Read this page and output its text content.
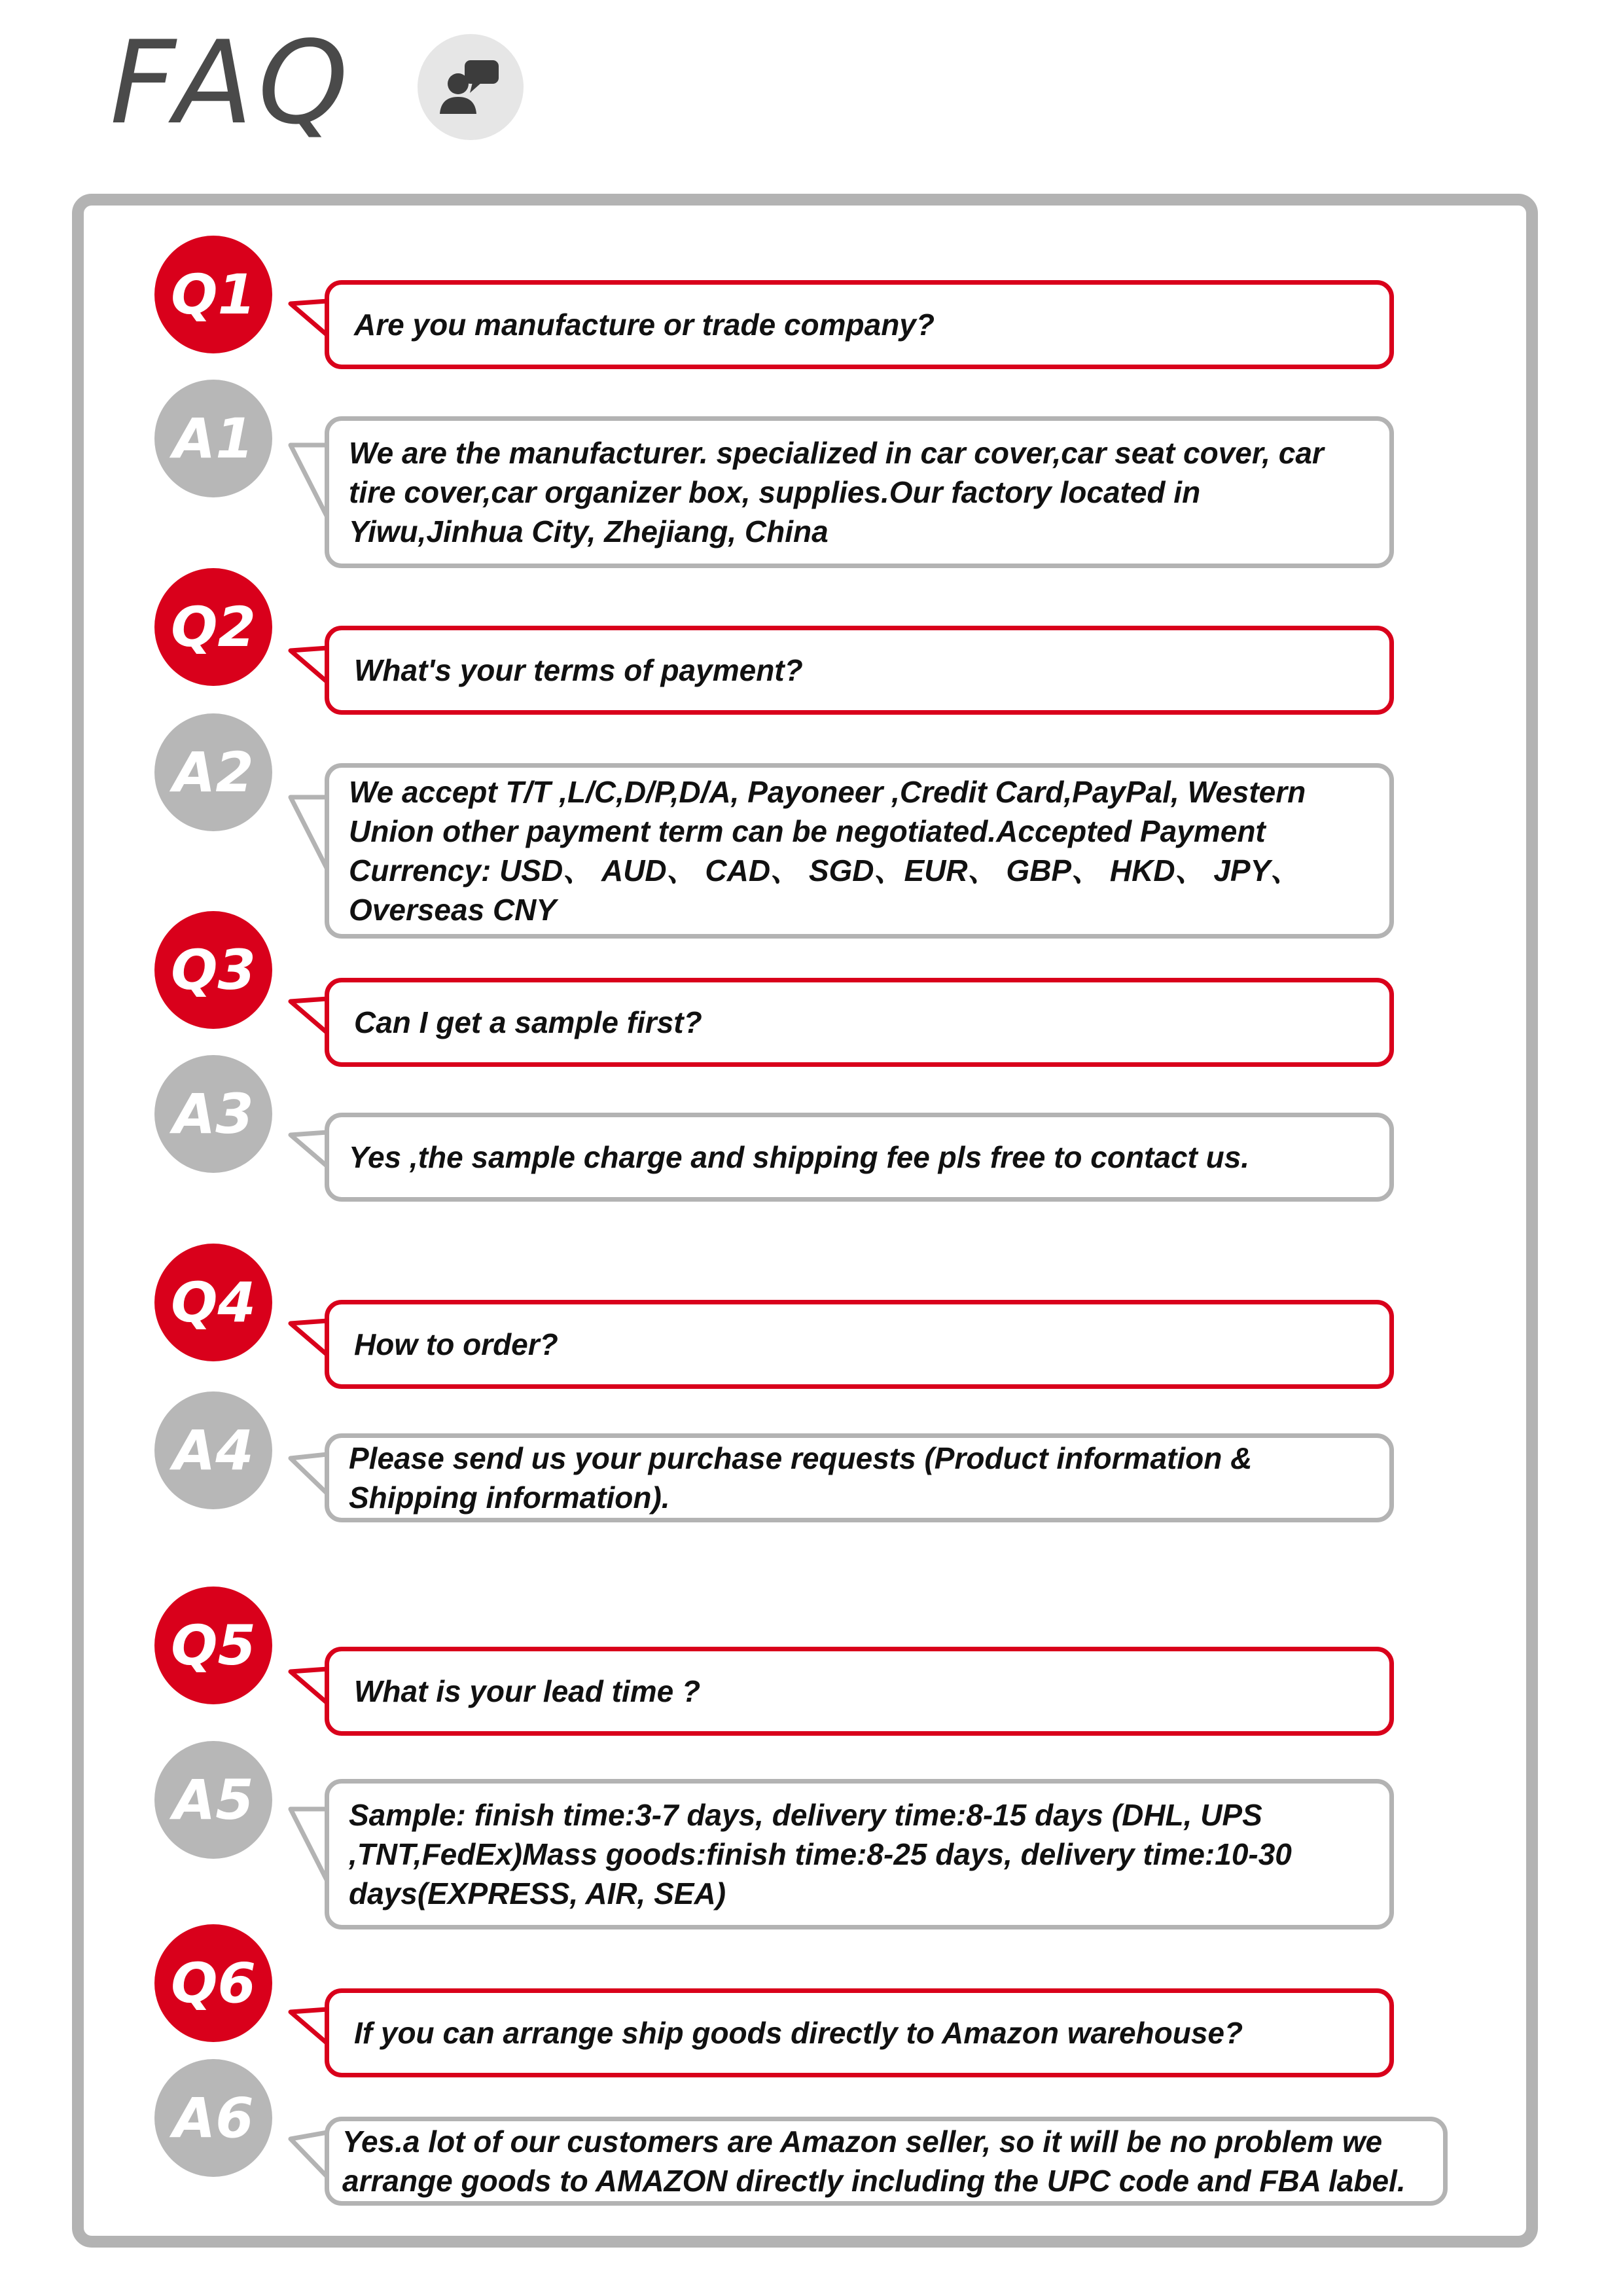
FAQ
Q1	Are you manufacture or trade company?
A1	We are the manufacturer. specialized in car cover,car seat cover, car tire cover,car organizer box, supplies.Our factory located in Yiwu,Jinhua City, Zhejiang, China
Q2
What's your terms of payment?
A2	We accept T/T ,L/C,D/P,D/A, Payoneer ,Credit Card,PayPal, Western Union other payment term can be negotiated.Accepted Payment Currency: USD、 AUD、 CAD、 SGD、EUR、 GBP、 HKD、 JPY、 Overseas CNY
Q3
Can I get a sample first?
A3
Yes ,the sample charge and shipping fee pls free to contact us.
Q4
How to order?
A4	Please send us your purchase requests (Product information & Shipping information).
Q5
What is your lead time ?
A5	Sample: finish time:3-7 days, delivery time:8-15 days (DHL, UPS ,TNT,FedEx)Mass goods:finish time:8-25 days, delivery time:10-30 days(EXPRESS, AIR, SEA)
Q6
If you can arrange ship goods directly to Amazon warehouse?
A6	Yes.a lot of our customers are Amazon seller, so it will be no problem we arrange goods to AMAZON directly including the UPC code and FBA label.
